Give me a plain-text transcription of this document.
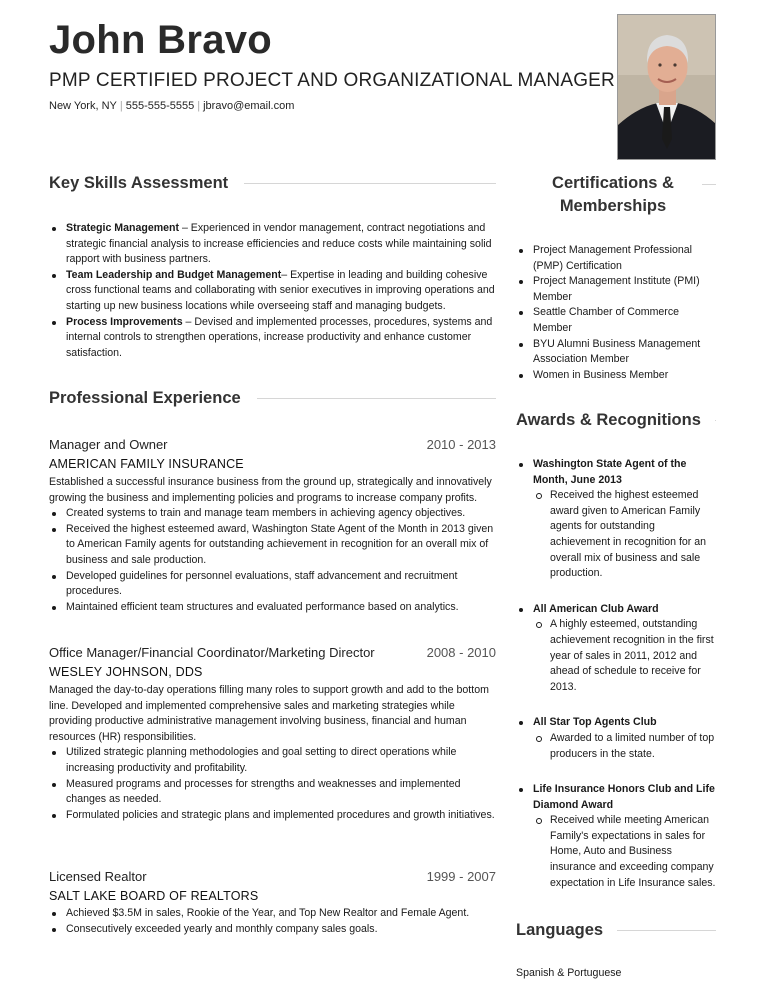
John Bravo
PMP CERTIFIED PROJECT AND ORGANIZATIONAL MANAGER
New York, NY | 555-555-5555 | jbravo@email.com
Key Skills Assessment
Strategic Management – Experienced in vendor management, contract negotiations and strategic financial analysis to increase efficiencies and reduce costs while maintaining solid rapport with business partners.
Team Leadership and Budget Management– Expertise in leading and building cohesive cross functional teams and collaborating with senior executives in improving operations and starting up new business locations while overseeing staff and managing budgets.
Process Improvements – Devised and implemented processes, procedures, systems and internal controls to strengthen operations, increase productivity and enhance customer satisfaction.
Professional Experience
Manager and Owner	2010 - 2013
AMERICAN FAMILY INSURANCE
Established a successful insurance business from the ground up, strategically and innovatively growing the business and implementing policies and programs to increase company profits.
Created systems to train and manage team members in achieving agency objectives.
Received the highest esteemed award, Washington State Agent of the Month in 2013 given to American Family agents for outstanding achievement in recognition for an overall mix of business and sale production.
Developed guidelines for personnel evaluations, staff advancement and recruitment procedures.
Maintained efficient team structures and evaluated performance based on analytics.
Office Manager/Financial Coordinator/Marketing Director	2008 - 2010
WESLEY JOHNSON, DDS
Managed the day-to-day operations filling many roles to support growth and add to the bottom line. Developed and implemented comprehensive sales and marketing strategies while providing productive administrative management involving business, financial and human resources (HR) responsibilities.
Utilized strategic planning methodologies and goal setting to direct operations while increasing productivity and profitability.
Measured programs and processes for strengths and weaknesses and implemented changes as needed.
Formulated policies and strategic plans and implemented procedures and growth initiatives.
Licensed Realtor	1999 - 2007
SALT LAKE BOARD OF REALTORS
Achieved $3.5M in sales, Rookie of the Year, and Top New Realtor and Female Agent.
Consecutively exceeded yearly and monthly company sales goals.
Certifications & Memberships
Project Management Professional (PMP) Certification
Project Management Institute (PMI) Member
Seattle Chamber of Commerce Member
BYU Alumni Business Management Association Member
Women in Business Member
Awards & Recognitions
Washington State Agent of the Month, June 2013
Received the highest esteemed award given to American Family agents for outstanding achievement in recognition for an overall mix of business and sale production.
All American Club Award
A highly esteemed, outstanding achievement recognition in the first year of sales in 2011, 2012 and ahead of schedule to receive for 2013.
All Star Top Agents Club
Awarded to a limited number of top producers in the state.
Life Insurance Honors Club and Life Diamond Award
Received while meeting American Family's expectations in sales for Home, Auto and Business insurance and exceeding company expectation in Life Insurance sales.
Languages
Spanish & Portuguese
